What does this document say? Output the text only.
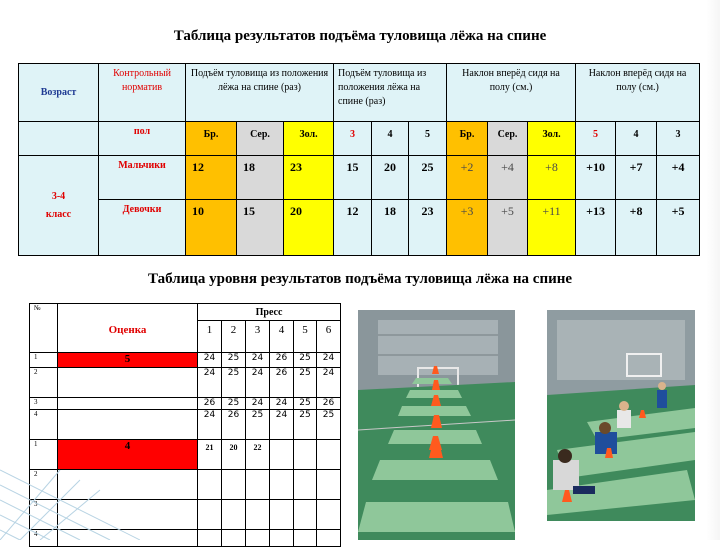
Таблица результатов подъёма туловища лёжа на спине
Возраст	Контрольный норматив	Подъём туловища из положения лёжа на спине (раз)			Подъём туловища из положения лёжа на спине (раз)			Наклон вперёд сидя на полу (см.)			Наклон вперёд сидя на полу (см.)		
	пол	Бр.	Сер.	Зол.	3	4	5	Бр.	Сер.	Зол.	5	4	3
3-4
класс	Мальчики	12	18	23	15	20	25	+2	+4	+8	+10	+7	+4
	Девочки	10	15	20	12	18	23	+3	+5	+11	+13	+8	+5
Таблица уровня результатов подъёма туловища лёжа на спине
№	Оценка	Пресс					
		1	2	3	4	5	6
1	5	24	25	24	26	25	24
2		24	25	24	26	25	24
3		26	25	24	24	25	26
4		24	26	25	24	25	25
1	4	21	20	22			
2							
3							
4							
